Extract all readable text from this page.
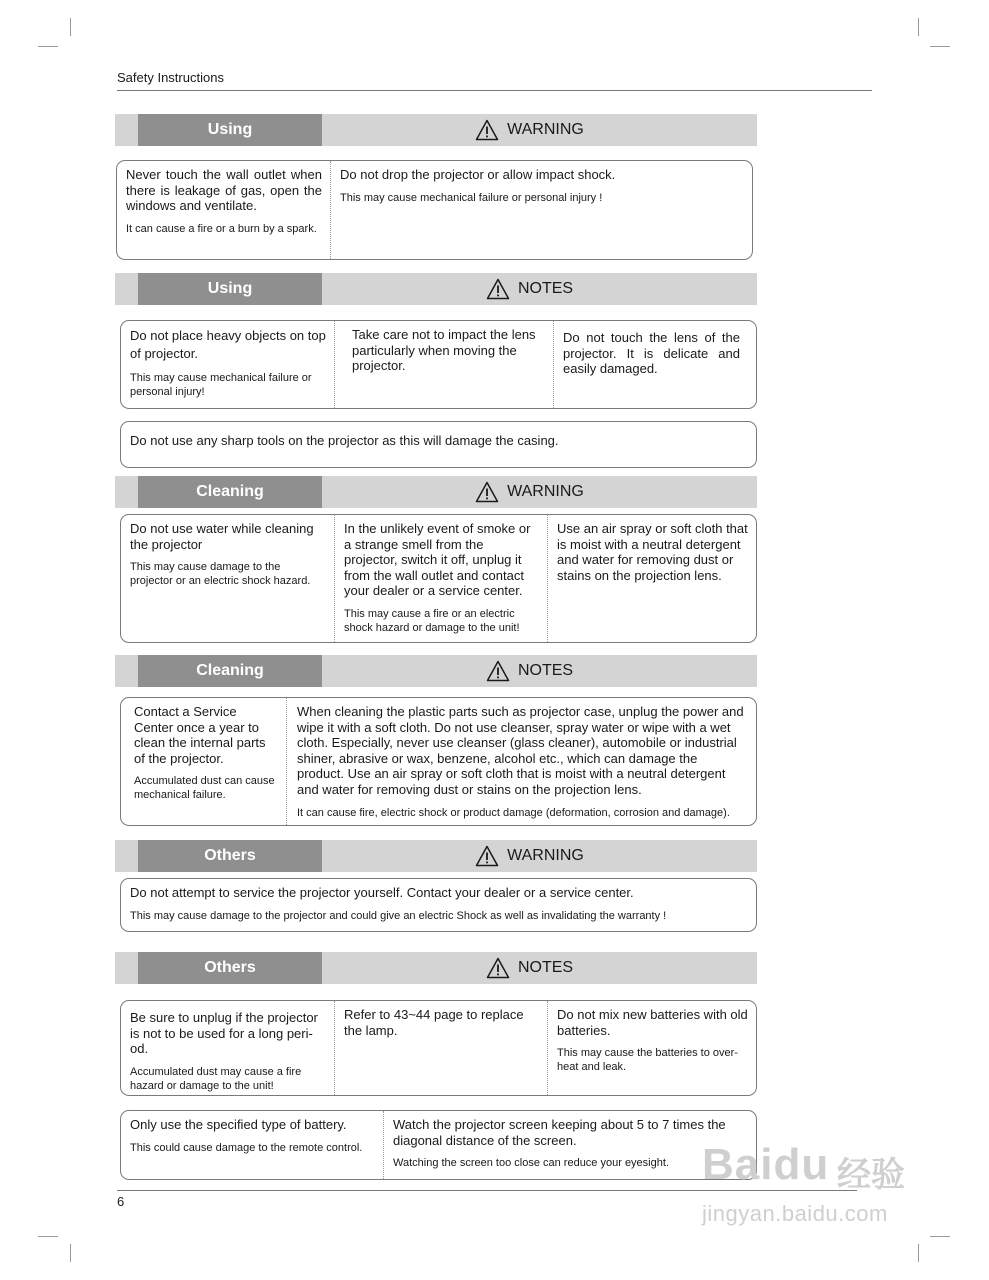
Safety Instructions
Using	WARNING

Never touch the wall outlet when there is leakage of gas, open the windows and ventilate.

It can cause a fire or a burn by a spark.

Do not drop the projector or allow impact shock.

This may cause mechanical failure or personal injury !

Using	NOTES

Do not place heavy objects on top of projector.

This may cause mechanical failure or personal injury!

Take care not to impact the lens particularly when moving the projector.

Do not touch the lens of the projector. It is delicate and easily damaged.

Do not use any sharp tools on the projector as this will damage the casing.

Cleaning	WARNING

Do not use water while cleaning the projector

This may cause damage to the projector or an electric shock hazard.

In the unlikely event of smoke or a strange smell from the projector, switch it off, unplug it from the wall outlet and contact your dealer or a service center.

This may cause a fire or an electric shock hazard or damage to the unit!

Use an air spray or soft cloth that is moist with a neutral detergent and water for removing dust or stains on the projection lens.

Cleaning	NOTES

Contact a Service Center once a year to clean the internal parts of the projector.

Accumulated dust can cause mechanical failure.

When cleaning the plastic parts such as projector case, unplug the power and wipe it with a soft cloth. Do not use cleanser, spray water or wipe with a wet cloth. Especially, never use cleanser (glass cleaner), automobile or industrial shiner, abrasive or wax, benzene, alcohol etc., which can damage the product. Use an air spray or soft cloth that is moist with a neutral detergent and water for removing dust or stains on the projection lens.

It can cause fire, electric shock or product damage (deformation, corrosion and damage).

Others	WARNING

Do not attempt to service the projector yourself. Contact your dealer or a service center.

This may cause damage to the projector and could give an electric Shock as well as invalidating the warranty !

Others	NOTES

Be sure to unplug if the projector is not to be used for a long peri-od.

Accumulated dust may cause a fire hazard or damage to the unit!

Refer to 43~44 page to replace the lamp.

Do not mix new batteries with old batteries.

This may cause the batteries to over-heat and leak.

Only use the specified type of battery.

This could cause damage to the remote control.

Watch the projector screen keeping about 5 to 7 times the diagonal distance of the screen.

Watching the screen too close can reduce your eyesight.

6
Baidu 经验
jingyan.baidu.com
